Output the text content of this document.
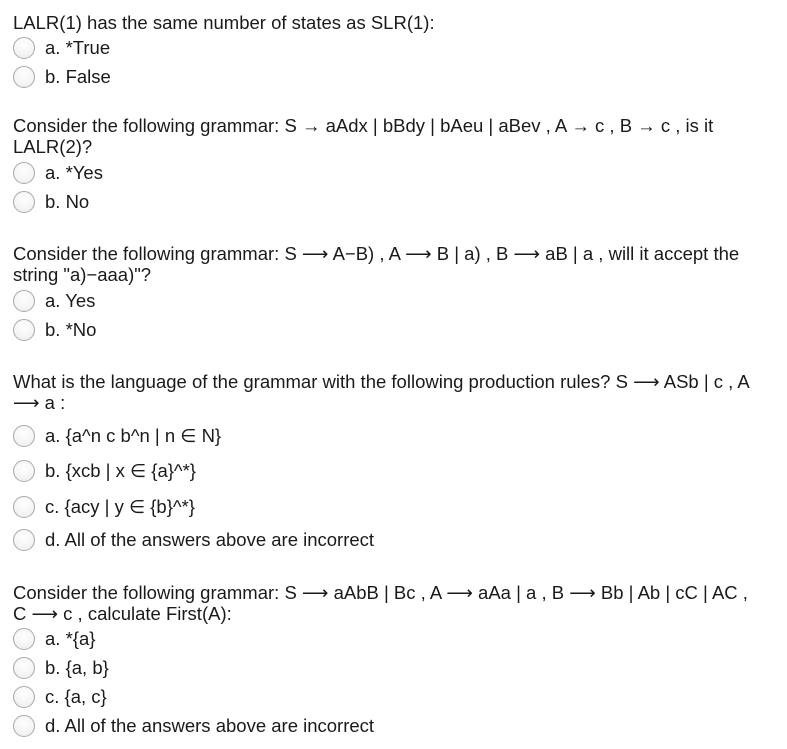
LALR(1) has the same number of states as SLR(1):

a. *True
b. False

Consider the following grammar: S → aAdx | bBdy | bAeu | aBev , A → c , B → c , is it LALR(2)?

a. *Yes
b. No

Consider the following grammar: S ⟶ A−B) , A ⟶ B | a) , B ⟶ aB | a , will it accept the string "a)−aaa)"?

a. Yes
b. *No

What is the language of the grammar with the following production rules? S ⟶ ASb | c , A ⟶ a :

a. {a^n c b^n | n ∈ N}
b. {xcb | x ∈ {a}^*}
c. {acy | y ∈ {b}^*}
d. All of the answers above are incorrect

Consider the following grammar: S ⟶ aAbB | Bc , A ⟶ aAa | a , B ⟶ Bb | Ab | cC | AC , C ⟶ c , calculate First(A):

a. *{a}
b. {a, b}
c. {a, c}
d. All of the answers above are incorrect
